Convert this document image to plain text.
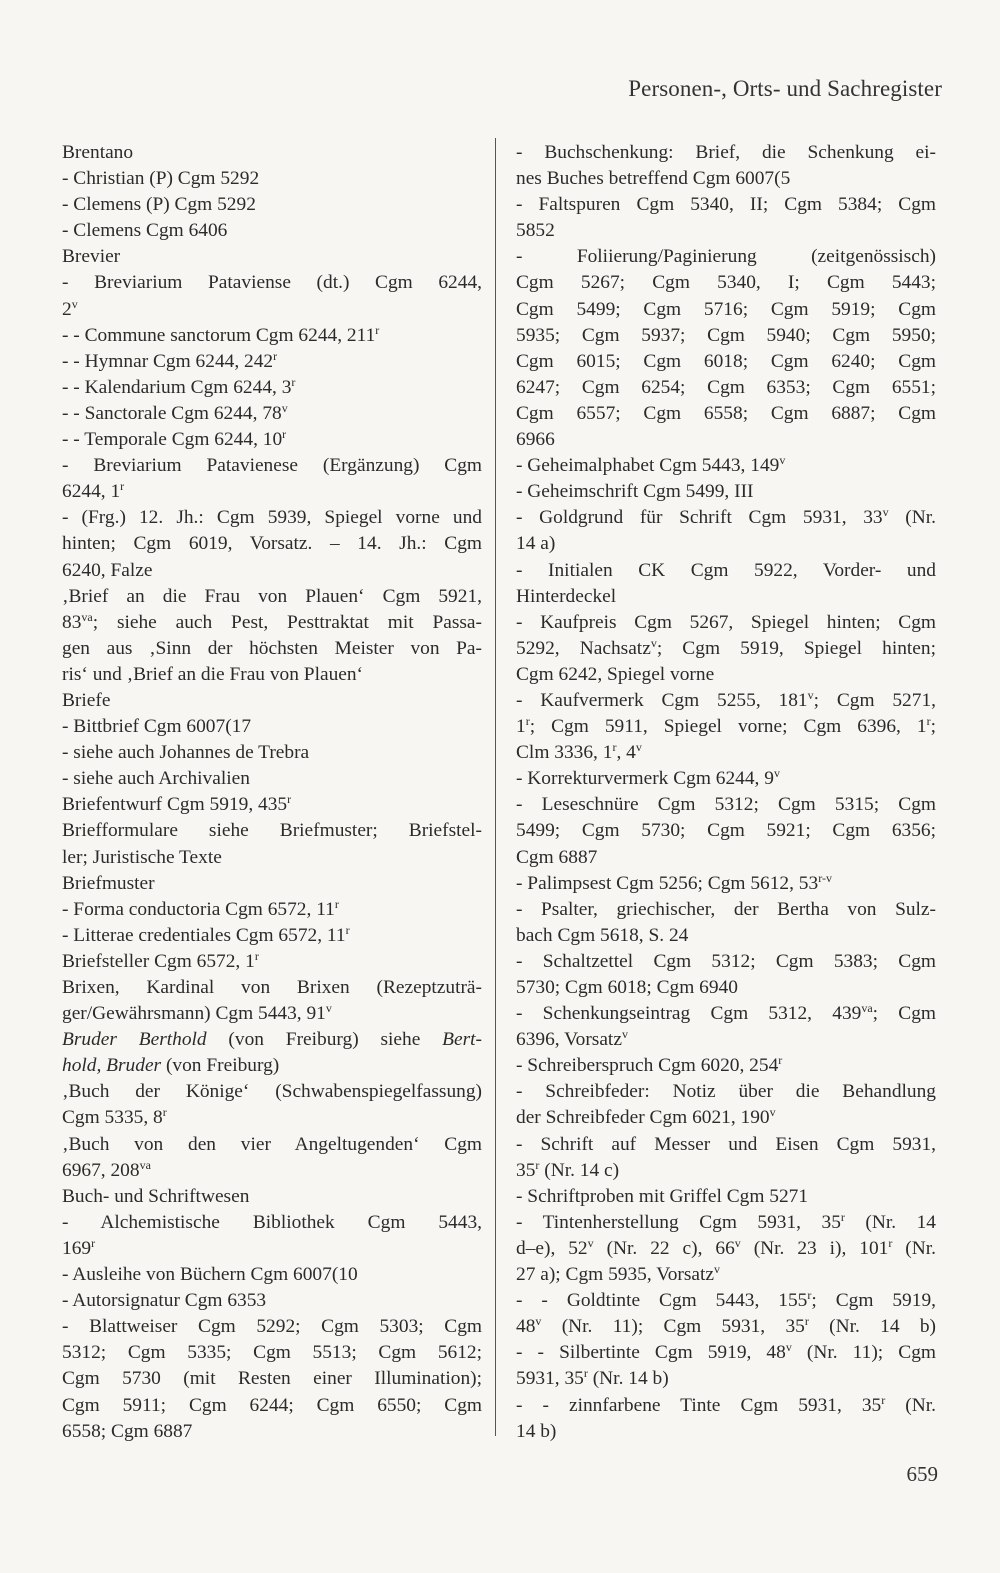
Personen-, Orts- und Sachregister
Brentano
- Christian (P) Cgm 5292
- Clemens (P) Cgm 5292
- Clemens Cgm 6406
Brevier
- Breviarium Pataviense (dt.) Cgm 6244,
2$^v$
- - Commune sanctorum Cgm 6244, 211$^r$
- - Hymnar Cgm 6244, 242$^r$
- - Kalendarium Cgm 6244, 3$^r$
- - Sanctorale Cgm 6244, 78$^v$
- - Temporale Cgm 6244, 10$^r$
- Breviarium Patavienese (Ergänzung) Cgm
6244, 1$^r$
- (Frg.) 12. Jh.: Cgm 5939, Spiegel vorne und
hinten; Cgm 6019, Vorsatz. – 14. Jh.: Cgm
6240, Falze
‚Brief an die Frau von Plauen‘ Cgm 5921,
$83^{va}$; siehe auch Pest, Pesttraktat mit Passa-
gen aus ‚Sinn der höchsten Meister von Pa-
ris‘ und ‚Brief an die Frau von Plauen‘
Briefe
- Bittbrief Cgm 6007(17
- siehe auch Johannes de Trebra
- siehe auch Archivalien
Briefentwurf Cgm 5919, 435$^r$
Briefformulare siehe Briefmuster; Briefstel-
ler; Juristische Texte
Briefmuster
- Forma conductoria Cgm 6572, 11$^r$
- Litterae credentiales Cgm 6572, 11$^r$
Briefsteller Cgm 6572, 1$^r$
Brixen, Kardinal von Brixen (Rezeptzuträ-
ger/Gewährsmann) Cgm 5443, 91$^v$
Bruder Berthold (von Freiburg) siehe Bert-
hold, Bruder (von Freiburg)
‚Buch der Könige‘ (Schwabenspiegelfassung)
Cgm 5335, 8$^r$
‚Buch von den vier Angeltugenden‘ Cgm
6967, $208^{va}$
Buch- und Schriftwesen
- Alchemistische Bibliothek Cgm 5443,
169$^r$
- Ausleihe von Büchern Cgm 6007(10
- Autorsignatur Cgm 6353
- Blattweiser Cgm 5292; Cgm 5303; Cgm
5312; Cgm 5335; Cgm 5513; Cgm 5612;
Cgm 5730 (mit Resten einer Illumination);
Cgm 5911; Cgm 6244; Cgm 6550; Cgm
6558; Cgm 6887
- Buchschenkung: Brief, die Schenkung ei-
nes Buches betreffend Cgm 6007(5
- Faltspuren Cgm 5340, II; Cgm 5384; Cgm
5852
- Foliierung/Paginierung (zeitgenössisch)
Cgm 5267; Cgm 5340, I; Cgm 5443;
Cgm 5499; Cgm 5716; Cgm 5919; Cgm
5935; Cgm 5937; Cgm 5940; Cgm 5950;
Cgm 6015; Cgm 6018; Cgm 6240; Cgm
6247; Cgm 6254; Cgm 6353; Cgm 6551;
Cgm 6557; Cgm 6558; Cgm 6887; Cgm
6966
- Geheimalphabet Cgm 5443, 149$^v$
- Geheimschrift Cgm 5499, III
- Goldgrund für Schrift Cgm 5931, 33$^v$ (Nr.
14 a)
- Initialen CK Cgm 5922, Vorder- und
Hinterdeckel
- Kaufpreis Cgm 5267, Spiegel hinten; Cgm
5292, Nachsatz$^v$; Cgm 5919, Spiegel hinten;
Cgm 6242, Spiegel vorne
- Kaufvermerk Cgm 5255, 181$^v$; Cgm 5271,
1$^r$; Cgm 5911, Spiegel vorne; Cgm 6396, 1$^r$;
Clm 3336, 1$^r$, 4$^v$
- Korrekturvermerk Cgm 6244, 9$^v$
- Leseschnüre Cgm 5312; Cgm 5315; Cgm
5499; Cgm 5730; Cgm 5921; Cgm 6356;
Cgm 6887
- Palimpsest Cgm 5256; Cgm 5612, 53$^{r-v}$
- Psalter, griechischer, der Bertha von Sulz-
bach Cgm 5618, S. 24
- Schaltzettel Cgm 5312; Cgm 5383; Cgm
5730; Cgm 6018; Cgm 6940
- Schenkungseintrag Cgm 5312, $439^{va}$; Cgm
6396, Vorsatz$^v$
- Schreiberspruch Cgm 6020, 254$^r$
- Schreibfeder: Notiz über die Behandlung
der Schreibfeder Cgm 6021, 190$^v$
- Schrift auf Messer und Eisen Cgm 5931,
35$^r$ (Nr. 14 c)
- Schriftproben mit Griffel Cgm 5271
- Tintenherstellung Cgm 5931, 35$^r$ (Nr. 14
d–e), 52$^v$ (Nr. 22 c), 66$^v$ (Nr. 23 i), 101$^r$ (Nr.
27 a); Cgm 5935, Vorsatz$^v$
- - Goldtinte Cgm 5443, 155$^r$; Cgm 5919,
48$^v$ (Nr. 11); Cgm 5931, 35$^r$ (Nr. 14 b)
- - Silbertinte Cgm 5919, 48$^v$ (Nr. 11); Cgm
5931, 35$^r$ (Nr. 14 b)
- - zinnfarbene Tinte Cgm 5931, 35$^r$ (Nr.
14 b)
659
